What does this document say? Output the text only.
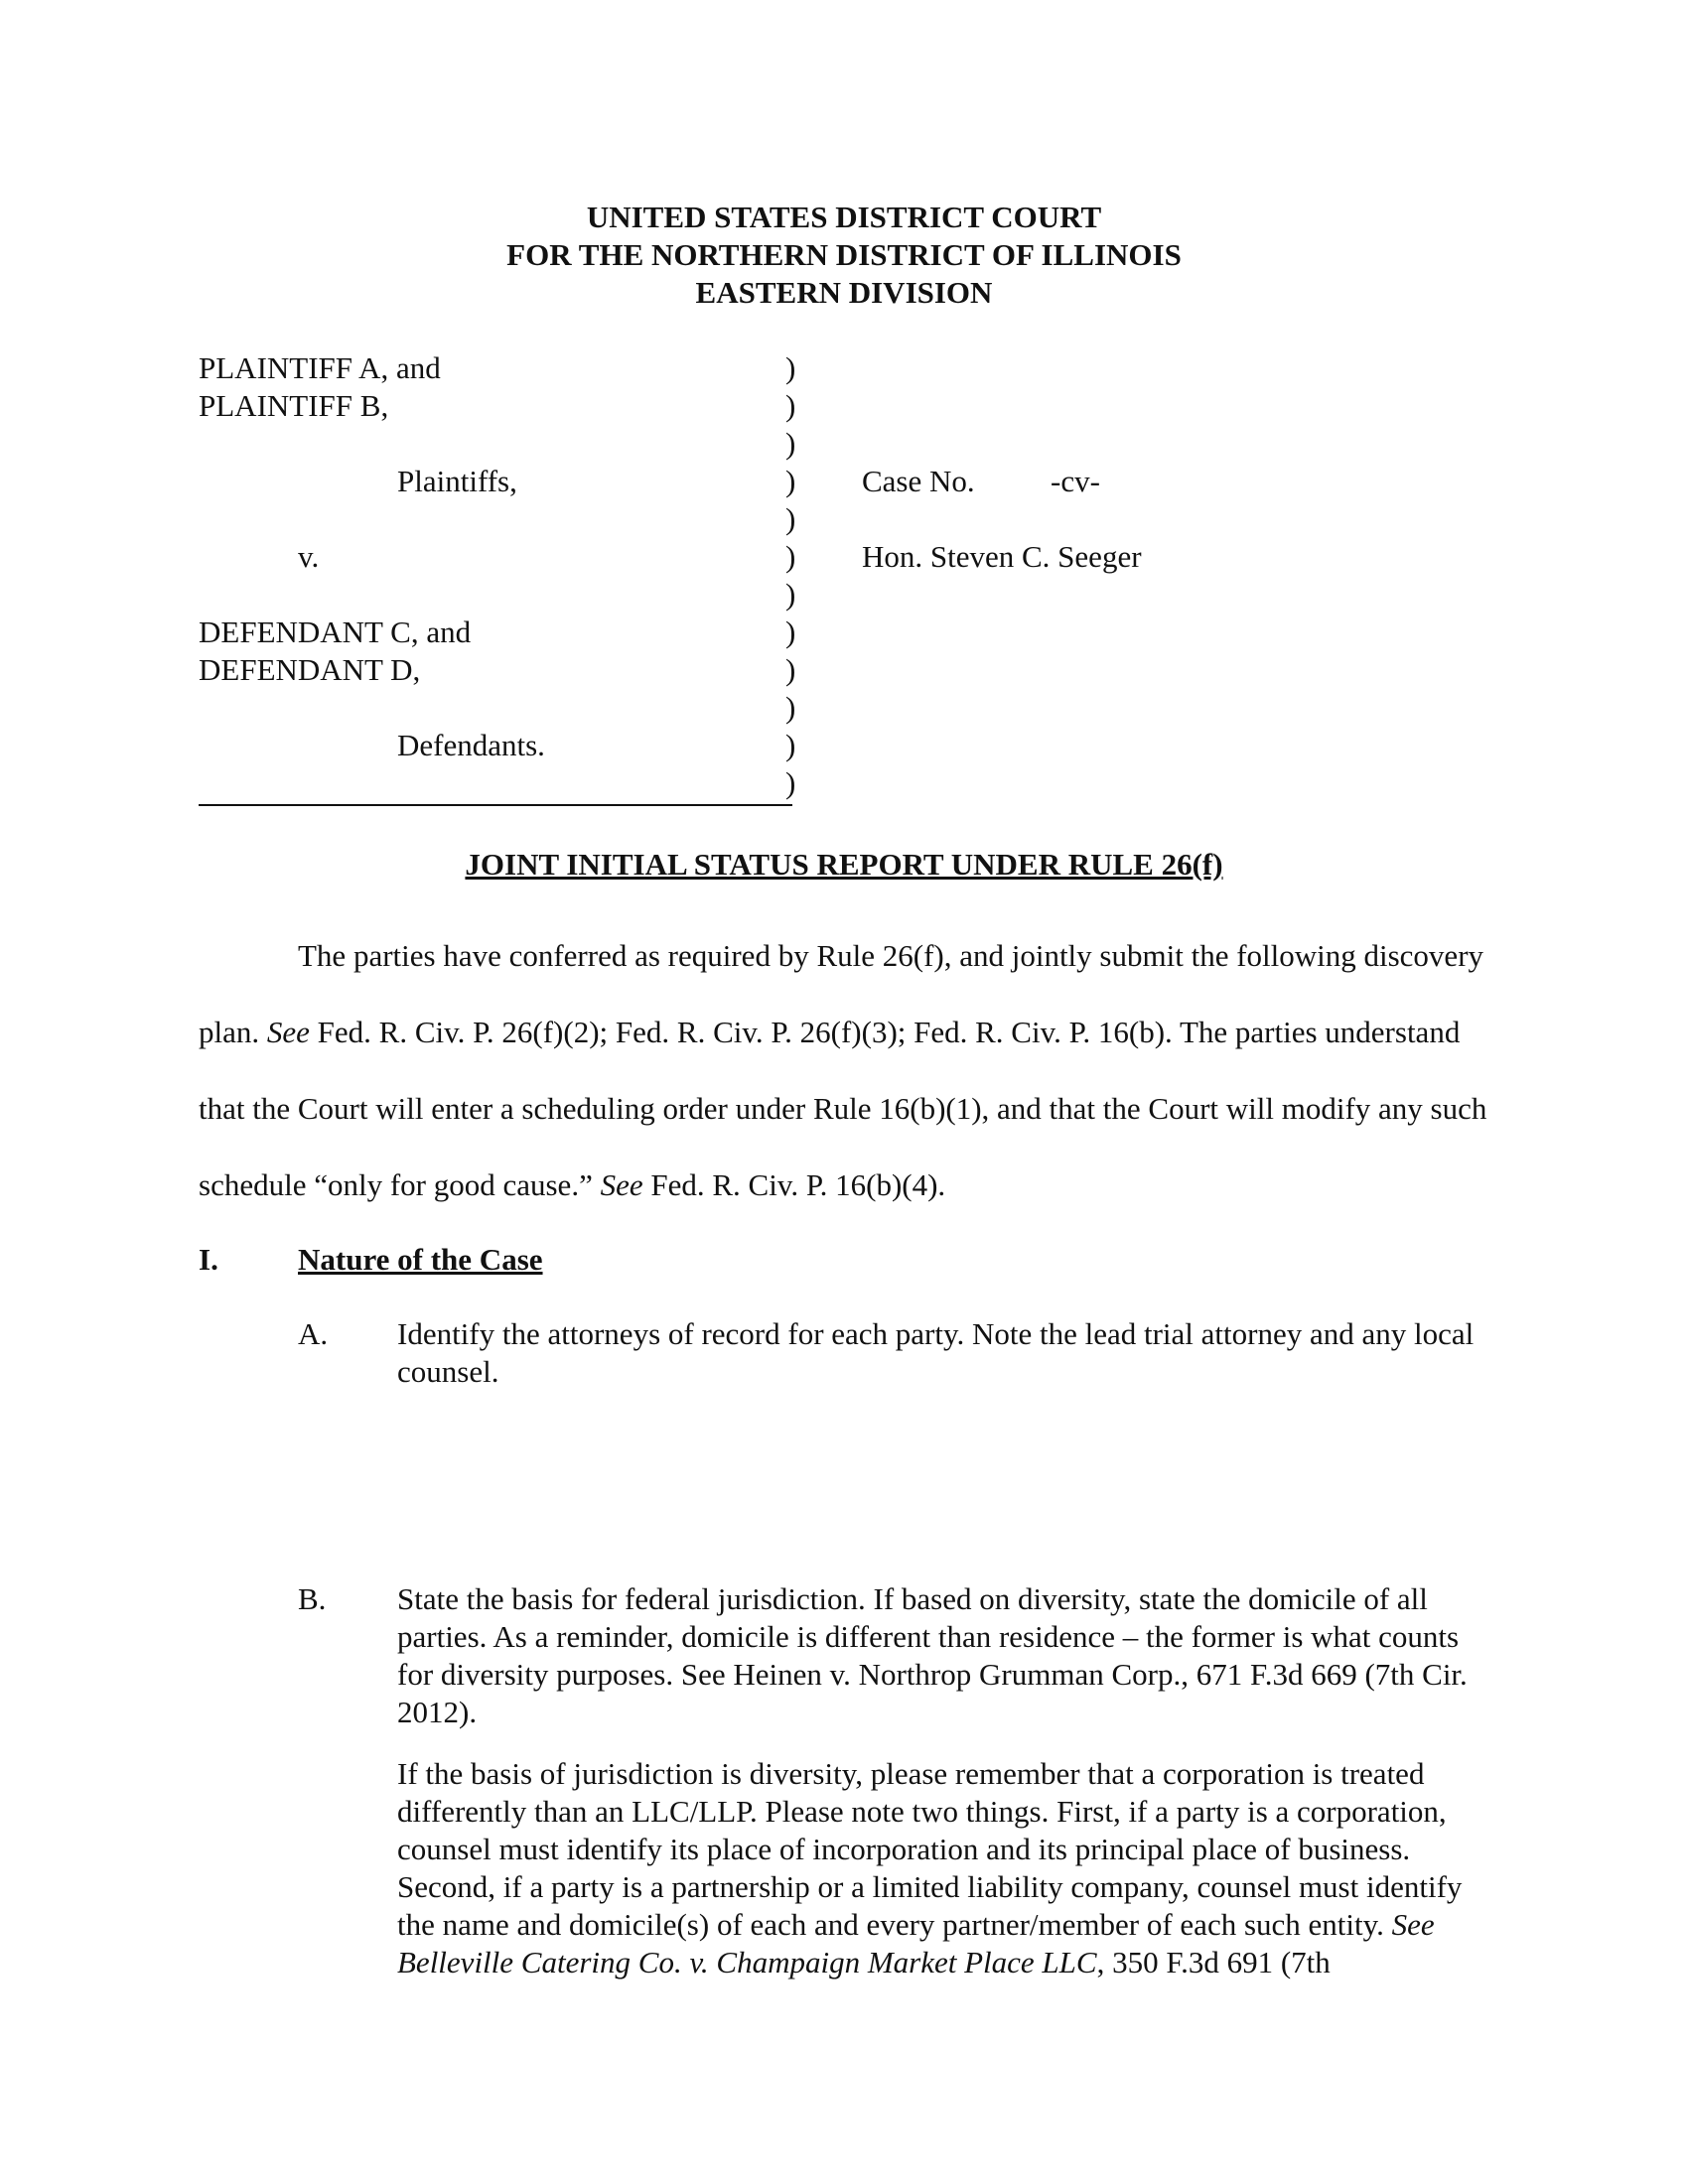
UNITED STATES DISTRICT COURT
FOR THE NORTHERN DISTRICT OF ILLINOIS
EASTERN DIVISION
PLAINTIFF A, and
PLAINTIFF B,
Plaintiffs,
v.
DEFENDANT C, and
DEFENDANT D,
Defendants.
)
)
)
)
)
)
)
)
)
)
)
)
Case No. -cv-
Hon. Steven C. Seeger
JOINT INITIAL STATUS REPORT UNDER RULE 26(f)

The parties have conferred as required by Rule 26(f), and jointly submit the following discovery plan. See Fed. R. Civ. P. 26(f)(2); Fed. R. Civ. P. 26(f)(3); Fed. R. Civ. P. 16(b). The parties understand that the Court will enter a scheduling order under Rule 16(b)(1), and that the Court will modify any such schedule “only for good cause.” See Fed. R. Civ. P. 16(b)(4).

I.	Nature of the Case
A. Identify the attorneys of record for each party. Note the lead trial attorney and any local counsel.

B. State the basis for federal jurisdiction. If based on diversity, state the domicile of all parties. As a reminder, domicile is different than residence – the former is what counts for diversity purposes. See Heinen v. Northrop Grumman Corp., 671 F.3d 669 (7th Cir. 2012).

If the basis of jurisdiction is diversity, please remember that a corporation is treated differently than an LLC/LLP. Please note two things. First, if a party is a corporation, counsel must identify its place of incorporation and its principal place of business. Second, if a party is a partnership or a limited liability company, counsel must identify the name and domicile(s) of each and every partner/member of each such entity. See Belleville Catering Co. v. Champaign Market Place LLC, 350 F.3d 691 (7th
